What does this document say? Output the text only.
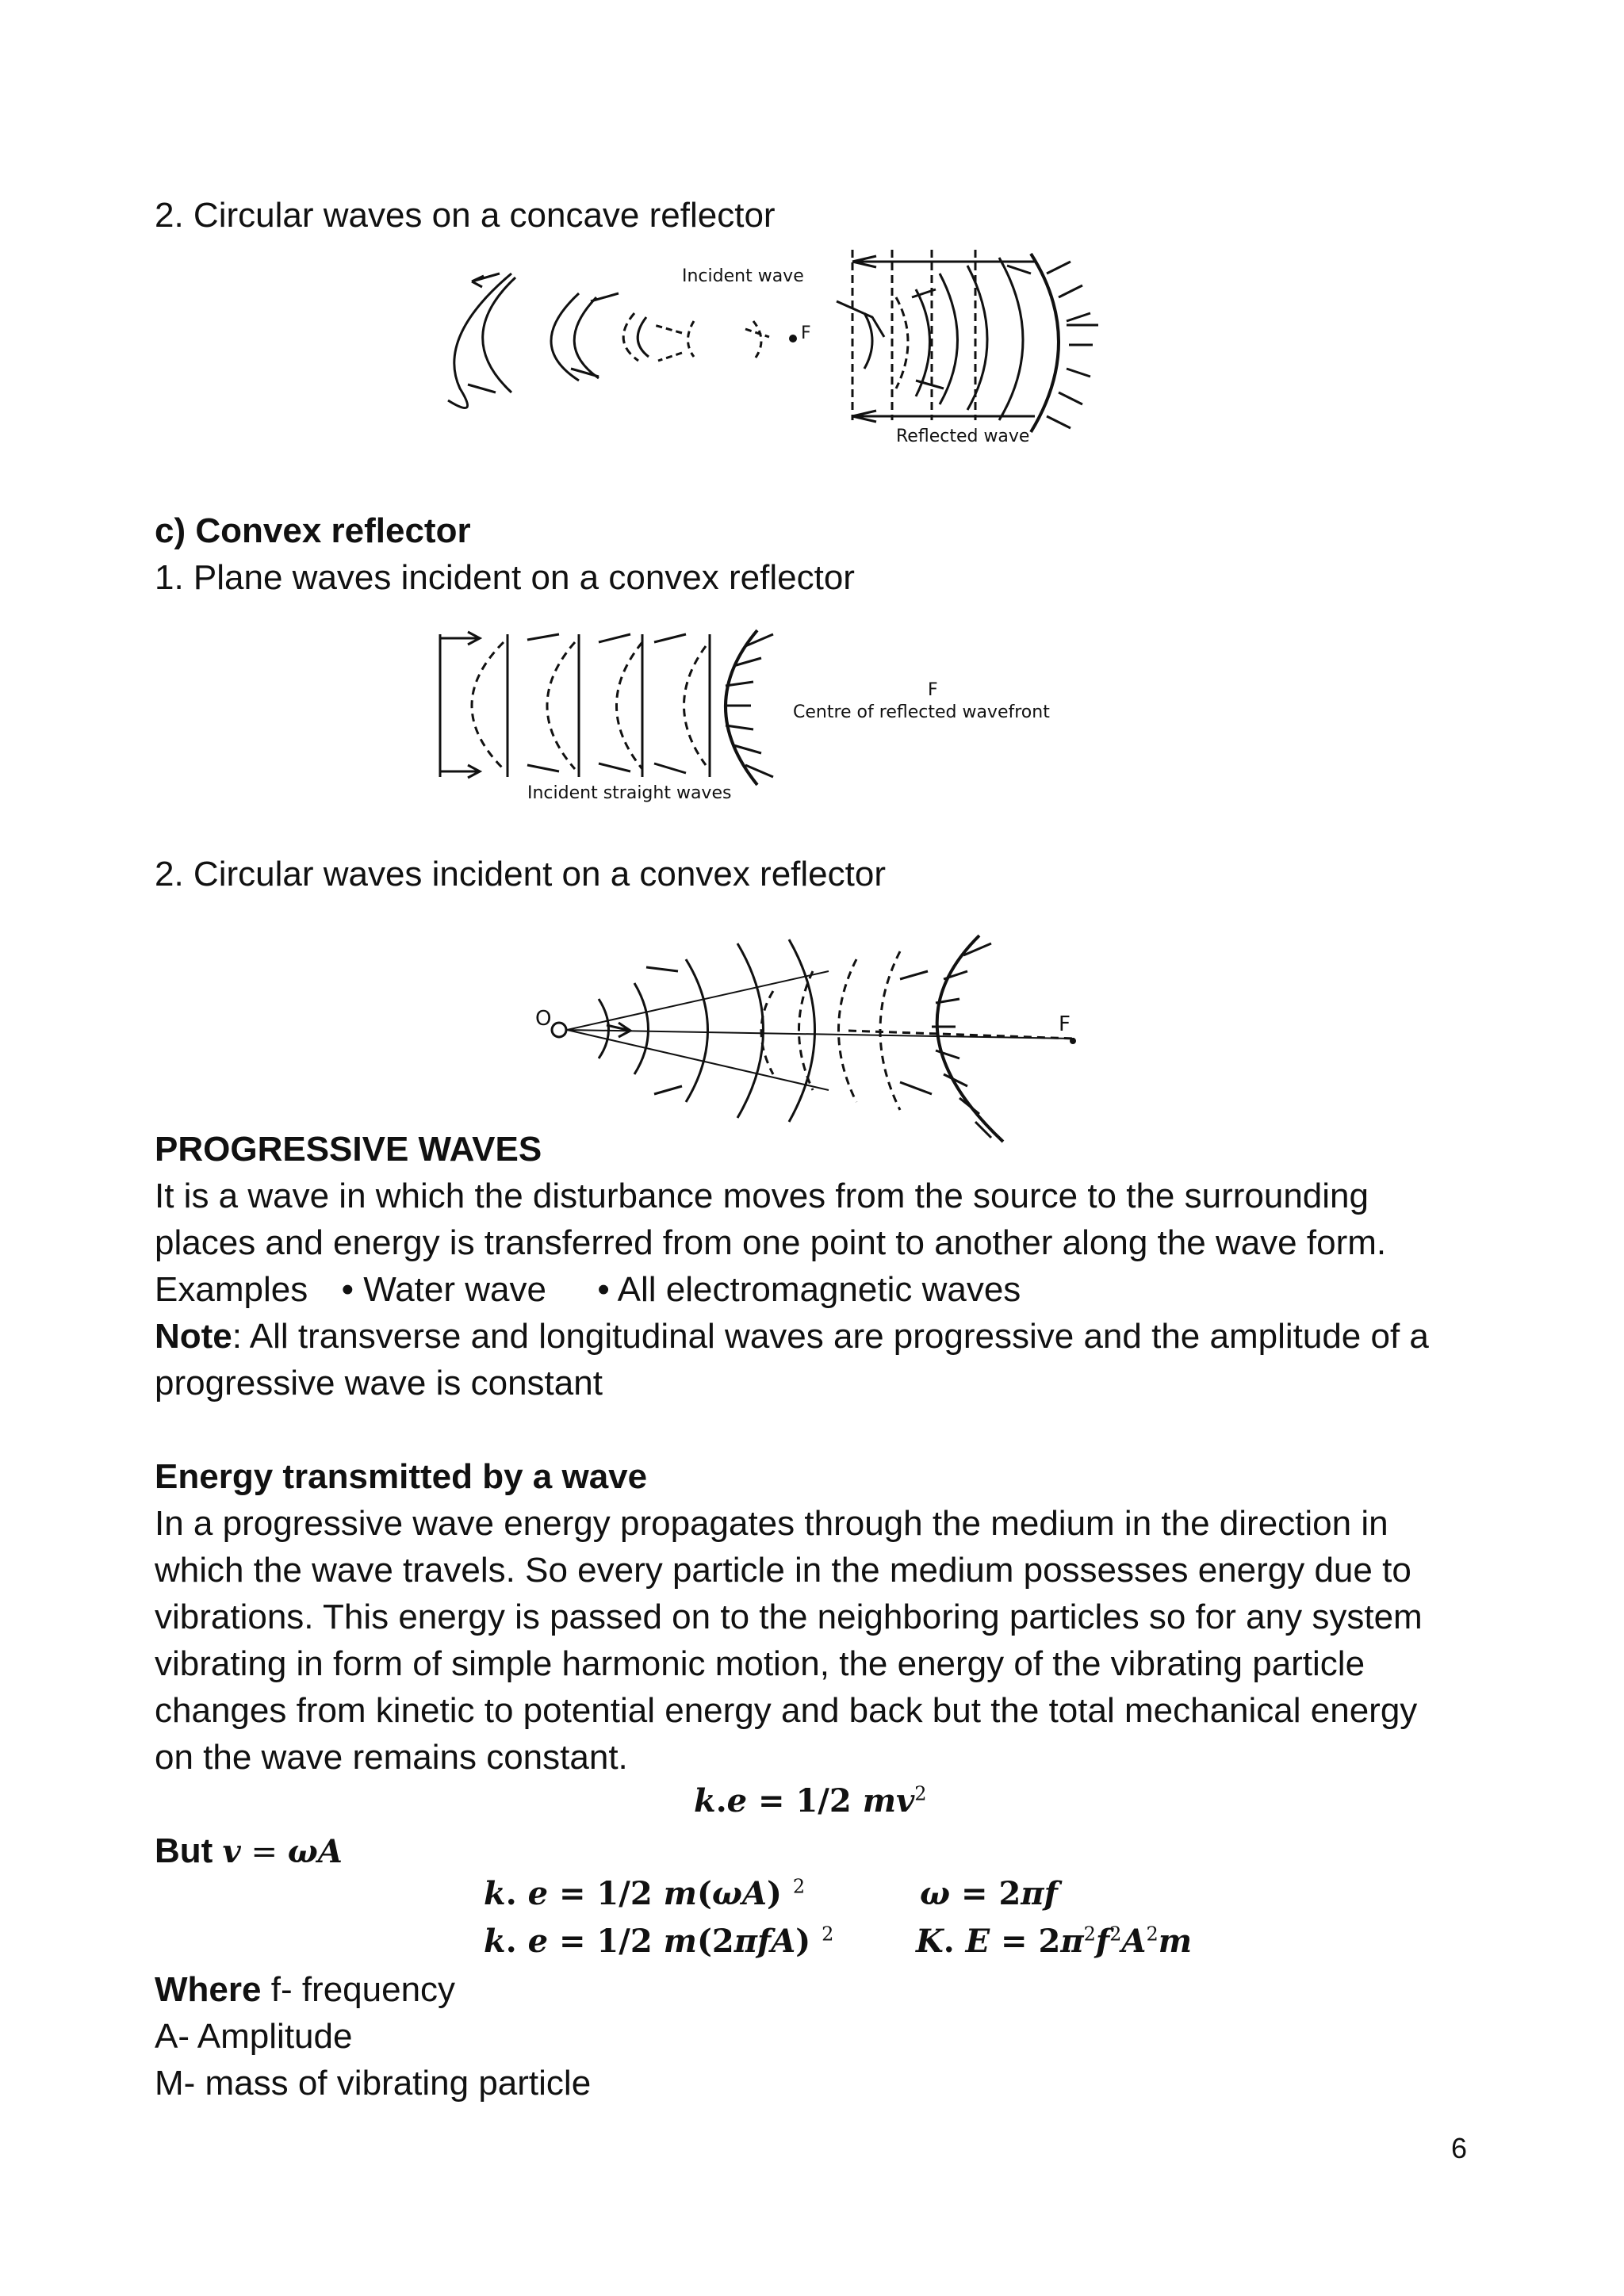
2. Circular waves on a concave reflector
Incident wave
F
Reflected wave
c) Convex reflector
1. Plane waves incident on a convex reflector
F
Centre of reflected wavefront
Incident straight waves
2. Circular waves incident on a convex reflector
O	F
PROGRESSIVE WAVES
It is a wave in which the disturbance moves from the source to the surrounding
places and energy is transferred from one point to another along the wave form.
Examples • Water wave • All electromagnetic waves
Note: All transverse and longitudinal waves are progressive and the amplitude of a
progressive wave is constant
Energy transmitted by a wave
In a progressive wave energy propagates through the medium in the direction in
which the wave travels. So every particle in the medium possesses energy due to
vibrations. This energy is passed on to the neighboring particles so for any system
vibrating in form of simple harmonic motion, the energy of the vibrating particle
changes from kinetic to potential energy and back but the total mechanical energy
on the wave remains constant.
k.e = 1/2 $mv^2$
But v = ωA
k. e = 1/2 m(ωA) $^2$	ω = 2πf
k. e = 1/2 m(2πfA) $^2$	K. $E = 2\pi^2f^2A^2m$
Where f- frequency
A- Amplitude
M- mass of vibrating particle
6
